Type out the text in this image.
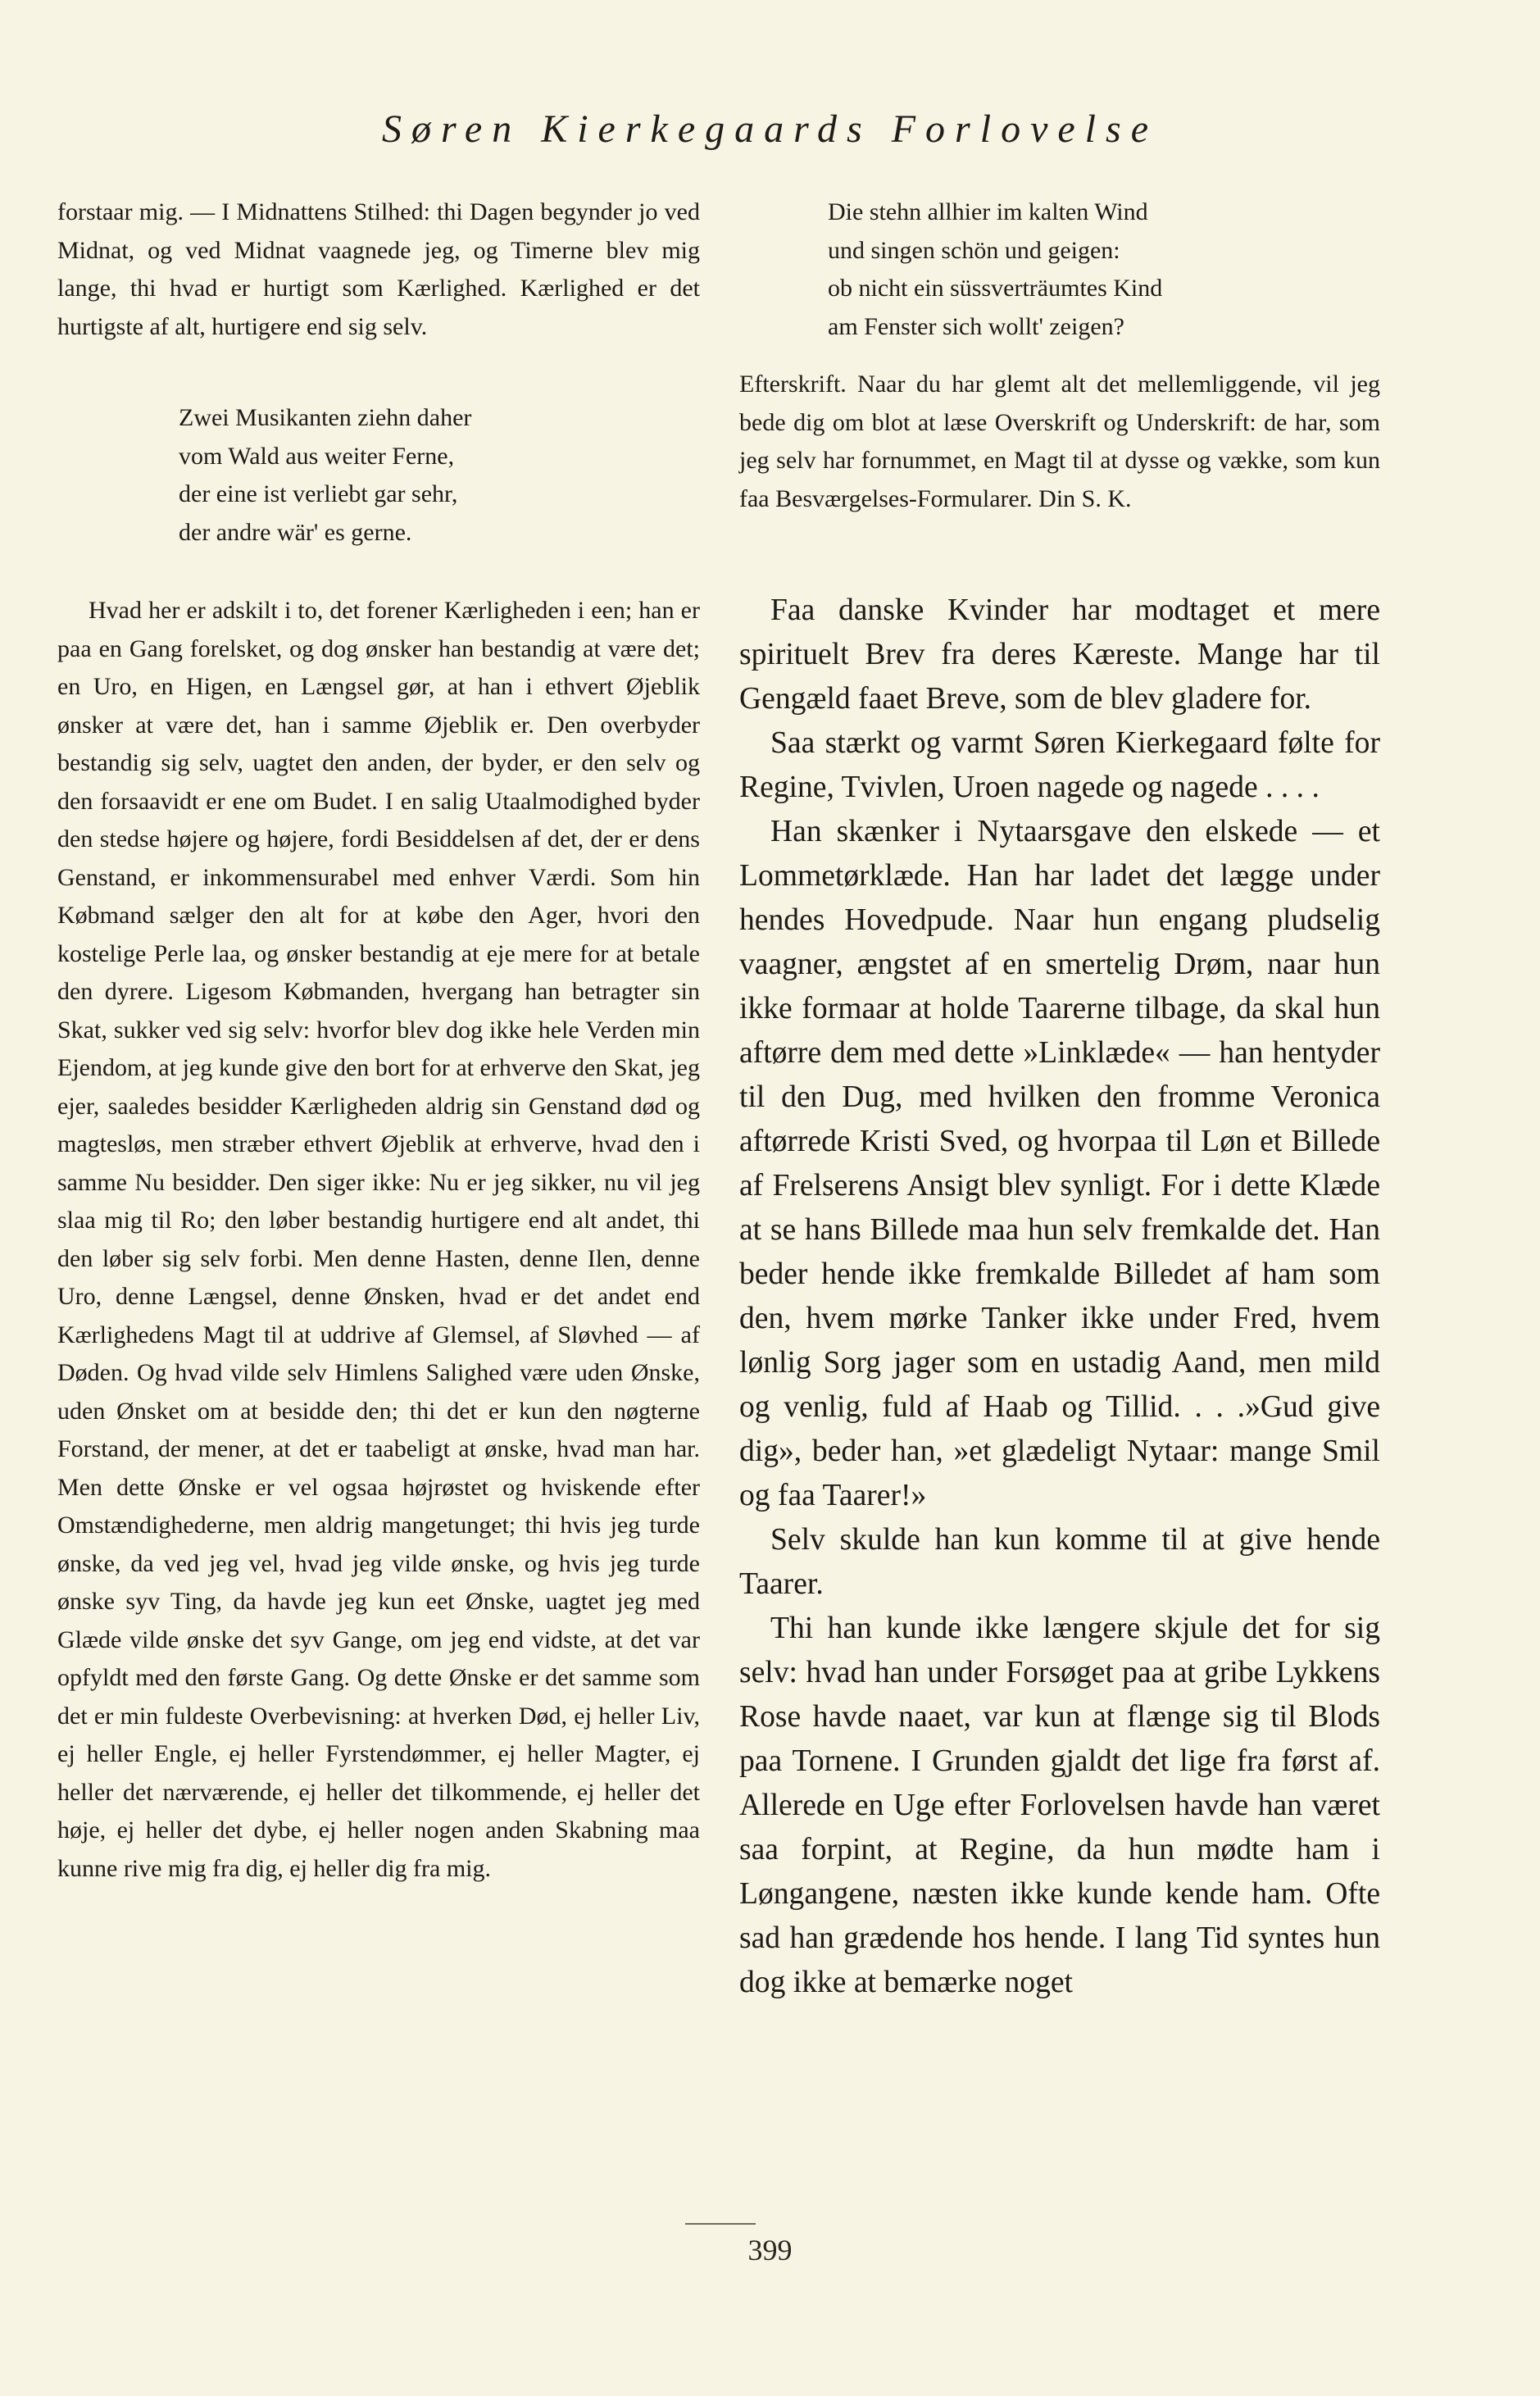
Søren Kierkegaards Forlovelse

forstaar mig. — I Midnattens Stilhed: thi Dagen begynder jo ved Midnat, og ved Midnat vaagnede jeg, og Timerne blev mig lange, thi hvad er hurtigt som Kærlighed. Kærlighed er det hurtigste af alt, hurtigere end sig selv.

Zwei Musikanten ziehn daher
vom Wald aus weiter Ferne,
der eine ist verliebt gar sehr,
der andre wär' es gerne.

Hvad her er adskilt i to, det forener Kærligheden i een; han er paa en Gang forelsket, og dog ønsker han bestandig at være det; en Uro, en Higen, en Længsel gør, at han i ethvert Øjeblik ønsker at være det, han i samme Øjeblik er. Den overbyder bestandig sig selv, uagtet den anden, der byder, er den selv og den forsaavidt er ene om Budet. I en salig Utaalmodighed byder den stedse højere og højere, fordi Besiddelsen af det, der er dens Genstand, er inkommensurabel med enhver Værdi. Som hin Købmand sælger den alt for at købe den Ager, hvori den kostelige Perle laa, og ønsker bestandig at eje mere for at betale den dyrere. Ligesom Købmanden, hvergang han betragter sin Skat, sukker ved sig selv: hvorfor blev dog ikke hele Verden min Ejendom, at jeg kunde give den bort for at erhverve den Skat, jeg ejer, saaledes besidder Kærligheden aldrig sin Genstand død og magtesløs, men stræber ethvert Øjeblik at erhverve, hvad den i samme Nu besidder. Den siger ikke: Nu er jeg sikker, nu vil jeg slaa mig til Ro; den løber bestandig hurtigere end alt andet, thi den løber sig selv forbi. Men denne Hasten, denne Ilen, denne Uro, denne Længsel, denne Ønsken, hvad er det andet end Kærlighedens Magt til at uddrive af Glemsel, af Sløvhed — af Døden. Og hvad vilde selv Himlens Salighed være uden Ønske, uden Ønsket om at besidde den; thi det er kun den nøgterne Forstand, der mener, at det er taabeligt at ønske, hvad man har. Men dette Ønske er vel ogsaa højrøstet og hviskende efter Omstændighederne, men aldrig mangetunget; thi hvis jeg turde ønske, da ved jeg vel, hvad jeg vilde ønske, og hvis jeg turde ønske syv Ting, da havde jeg kun eet Ønske, uagtet jeg med Glæde vilde ønske det syv Gange, om jeg end vidste, at det var opfyldt med den første Gang. Og dette Ønske er det samme som det er min fuldeste Overbevisning: at hverken Død, ej heller Liv, ej heller Engle, ej heller Fyrstendømmer, ej heller Magter, ej heller det nærværende, ej heller det tilkommende, ej heller det høje, ej heller det dybe, ej heller nogen anden Skabning maa kunne rive mig fra dig, ej heller dig fra mig.

Die stehn allhier im kalten Wind
und singen schön und geigen:
ob nicht ein süssverträumtes Kind
am Fenster sich wollt' zeigen?

Efterskrift. Naar du har glemt alt det mellemliggende, vil jeg bede dig om blot at læse Overskrift og Underskrift: de har, som jeg selv har fornummet, en Magt til at dysse og vække, som kun faa Besværgelses-Formularer. Din S. K.

Faa danske Kvinder har modtaget et mere spirituelt Brev fra deres Kæreste. Mange har til Gengæld faaet Breve, som de blev gladere for.

Saa stærkt og varmt Søren Kierkegaard følte for Regine, Tvivlen, Uroen nagede og nagede . . . .

Han skænker i Nytaarsgave den elskede — et Lommetørklæde. Han har ladet det lægge under hendes Hovedpude. Naar hun engang pludselig vaagner, ængstet af en smertelig Drøm, naar hun ikke formaar at holde Taarerne tilbage, da skal hun aftørre dem med dette »Linklæde« — han hentyder til den Dug, med hvilken den fromme Veronica aftørrede Kristi Sved, og hvorpaa til Løn et Billede af Frelserens Ansigt blev synligt. For i dette Klæde at se hans Billede maa hun selv fremkalde det. Han beder hende ikke fremkalde Billedet af ham som den, hvem mørke Tanker ikke under Fred, hvem lønlig Sorg jager som en ustadig Aand, men mild og venlig, fuld af Haab og Tillid. . . .»Gud give dig», beder han, »et glædeligt Nytaar: mange Smil og faa Taarer!»

Selv skulde han kun komme til at give hende Taarer.

Thi han kunde ikke længere skjule det for sig selv: hvad han under Forsøget paa at gribe Lykkens Rose havde naaet, var kun at flænge sig til Blods paa Tornene. I Grunden gjaldt det lige fra først af. Allerede en Uge efter Forlovelsen havde han været saa forpint, at Regine, da hun mødte ham i Løngangene, næsten ikke kunde kende ham. Ofte sad han grædende hos hende. I lang Tid syntes hun dog ikke at bemærke noget

399
